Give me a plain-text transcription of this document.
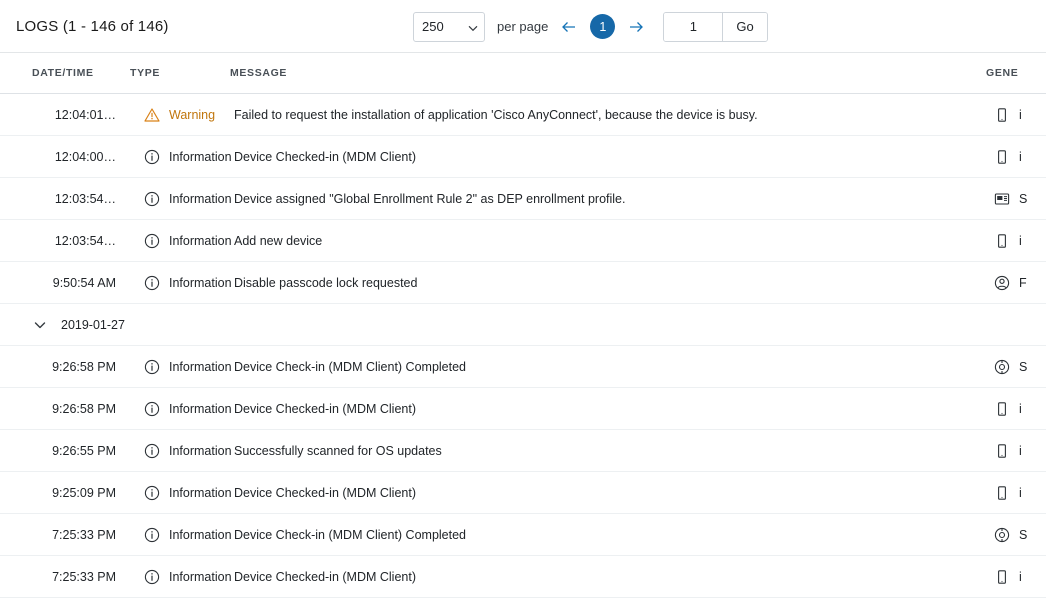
LOGS (1 - 146 of 146)	250	per page	1
1	Go
DATE/TIME	TYPE	MESSAGE	GENE
12:04:01…	Warning Failed to request the installation of application 'Cisco AnyConnect', because the device is busy.	i
12:04:00…	Information Device Checked-in (MDM Client)	i
12:03:54…	Information Device assigned "Global Enrollment Rule 2" as DEP enrollment profile.	S
12:03:54…	Information Add new device	i
9:50:54 AM	Information Disable passcode lock requested	F
2019-01-27
9:26:58 PM	Information Device Check-in (MDM Client) Completed	S
9:26:58 PM	Information Device Checked-in (MDM Client)	i
9:26:55 PM	Information Successfully scanned for OS updates	i
9:25:09 PM	Information Device Checked-in (MDM Client)	i
7:25:33 PM	Information Device Check-in (MDM Client) Completed	S
7:25:33 PM	Information Device Checked-in (MDM Client)	i
